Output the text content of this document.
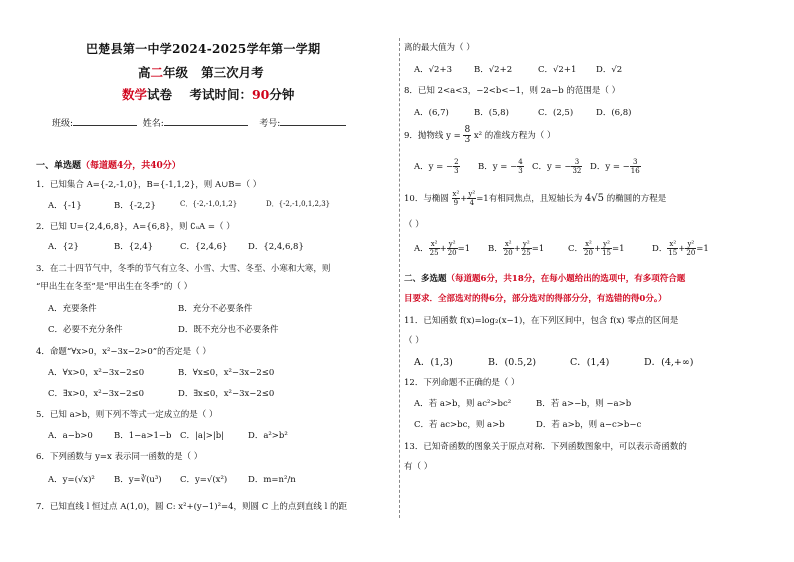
巴楚县第一中学2024-2025学年第一学期
高二年级 第三次月考
数学试卷 考试时间：90分钟
班级:	姓名:	考号:
一、单选题（每道题4分，共40分）
1．已知集合 A={-2,-1,0}，B={-1,1,2}，则 A∪B=（ ）
A．{-1}	B．{-2,2}	C．{-2,-1,0,1,2}	D．{-2,-1,0,1,2,3}
2．已知 U={2,4,6,8}，A={6,8}，则 ∁ᵤA =（ ）
A．{2}	B．{2,4}	C．{2,4,6} D．{2,4,6,8}
3．在二十四节气中，冬季的节气有立冬、小雪、大雪、冬至、小寒和大寒，则
“甲出生在冬至”是“甲出生在冬季”的（ ）
A．充要条件	B．充分不必要条件
C．必要不充分条件	D．既不充分也不必要条件
4．命题“∀x>0，x²−3x−2>0”的否定是（ ）
A．∀x>0，x²−3x−2≤0	B．∀x≤0，x²−3x−2≤0
C．∃x>0，x²−3x−2≤0	D．∃x≤0，x²−3x−2≤0
5．已知 a>b，则下列不等式一定成立的是（ ）
A．a−b>0 B．1−a>1−b C．|a|>|b|	D．a²>b²
6．下列函数与 y=x 表示同一函数的是（ ）
A．y=(√x)² B．y=∛(u³) C．y=√(x²) D．m=n²/n
7．已知直线 l 恒过点 A(1,0)，圆 C: x²+(y−1)²=4，则圆 C 上的点到直线 l 的距
离的最大值为（ ）
A．√2+3	B．√2+2	C．√2+1 D．√2
8．已知 2<a<3，−2<b<−1，则 2a−b 的范围是（ ）
A．(6,7)	B．(5,8)	C．(2,5)	D．(6,8)
9．抛物线 $y = \frac{8}{3} x^2$ 的准线方程为（ ）
A．y = − $\frac{2}{3}$ B．y = − $\frac{4}{3}$ C．y = − $\frac{3}{32}$ D．y = − $\frac{3}{16}$
10．与椭圆 $\frac{\text{x²}}{9} + \frac{\text{y²}}{4} =1$有相同焦点，且短轴长为 4√5 的椭圆的方程是
（ ）
A． $\frac{\text{x²}}{25} + \frac{\text{y²}}{20} =1$ B． $\frac{\text{x²}}{20} + \frac{\text{y²}}{25} =1$	C． $\frac{\text{x²}}{20} + \frac{\text{y²}}{15} =1$	D． $\frac{\text{x²}}{15} + \frac{\text{y²}}{20} =1$
二、多选题（每道题6分，共18分，在每小题给出的选项中，有多项符合题
目要求．全部选对的得6分，部分选对的得部分分，有选错的得0分。）
11．已知函数 f(x)=log₂(x−1)，在下列区间中，包含 f(x) 零点的区间是
（ ）
A．(1,3)	B．(0.5,2)	C．(1,4)	D．(4,+∞)
12．下列命题不正确的是（ ）
A．若 a>b，则 ac²>bc²	B．若 a>−b，则 −a>b
C．若 ac>bc，则 a>b	D．若 a>b，则 a−c>b−c
13．已知奇函数的图象关于原点对称．下列函数图象中，可以表示奇函数的
有（ ）
